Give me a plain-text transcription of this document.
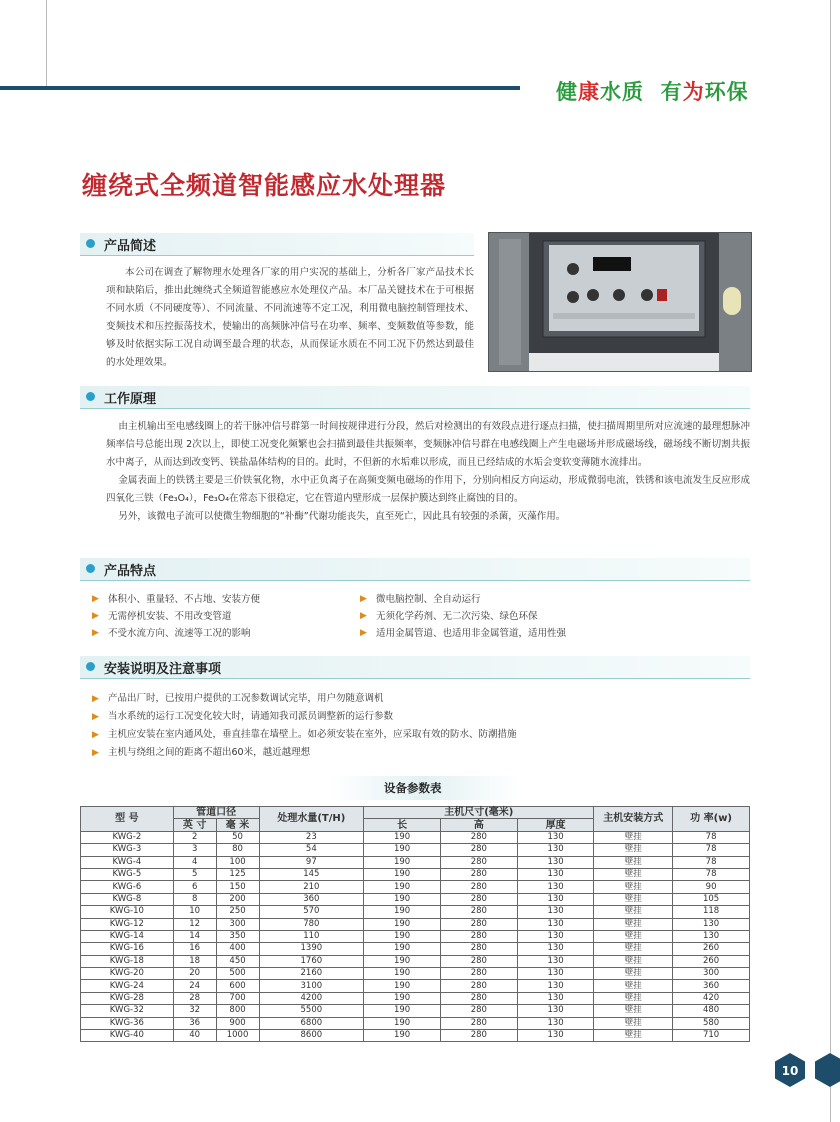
健康水质 有为环保
缠绕式全频道智能感应水处理器
产品简述

本公司在调查了解物理水处理各厂家的用户实况的基础上，分析各厂家产品技术长项和缺陷后，推出此缠绕式全频道智能感应水处理仪产品。本厂品关键技术在于可根据不同水质（不同硬度等）、不同流量、不同流速等不定工况，利用微电脑控制管理技术、变频技术和压控振荡技术，使输出的高频脉冲信号在功率、频率、变频数值等参数，能够及时依据实际工况自动调至最合理的状态，从而保证水质在不同工况下仍然达到最佳的水处理效果。

工作原理

由主机输出至电感线圈上的若干脉冲信号群第一时间按规律进行分段，然后对检测出的有效段点进行逐点扫描，使扫描周期里所对应流速的最理想脉冲频率信号总能出现 2次以上，即使工况变化频繁也会扫描到最佳共振频率，变频脉冲信号群在电感线圈上产生电磁场并形成磁场线，磁场线不断切割共振水中离子，从而达到改变钙、镁盐晶体结构的目的。此时，不但新的水垢难以形成，而且已经结成的水垢会变软变薄随水流排出。

金属表面上的铁锈主要是三价铁氧化物，水中正负离子在高频变频电磁场的作用下，分别向相反方向运动，形成微弱电流，铁锈和该电流发生反应形成四氧化三铁（Fe₃O₄），Fe₃O₄在常态下很稳定，它在管道内壁形成一层保护膜达到终止腐蚀的目的。

另外，该微电子流可以使微生物细胞的“补酶”代谢功能丧失，直至死亡，因此具有较强的杀菌，灭藻作用。

产品特点
▶ 体积小、重量轻、不占地、安装方便
▶ 无需停机安装、不用改变管道
▶ 不受水流方向、流速等工况的影响
▶ 微电脑控制、全自动运行
▶ 无须化学药剂、无二次污染、绿色环保
▶ 适用金属管道、也适用非金属管道，适用性强
安装说明及注意事项
▶ 产品出厂时，已按用户提供的工况参数调试完毕，用户勿随意调机
▶ 当水系统的运行工况变化较大时，请通知我司派员调整新的运行参数
▶ 主机应安装在室内通风处，垂直挂靠在墙壁上。如必须安装在室外，应采取有效的防水、防潮措施
▶ 主机与绕组之间的距离不超出60米，越近越理想
设备参数表
型 号	管道口径		处理水量(T/H)	主机尺寸(毫米)			主机安装方式	功 率(w)
	英 寸	毫 米		长	高	厚度		
KWG-2	2	50	23	190	280	130	壁挂	78
KWG-3	3	80	54	190	280	130	壁挂	78
KWG-4	4	100	97	190	280	130	壁挂	78
KWG-5	5	125	145	190	280	130	壁挂	78
KWG-6	6	150	210	190	280	130	壁挂	90
KWG-8	8	200	360	190	280	130	壁挂	105
KWG-10	10	250	570	190	280	130	壁挂	118
KWG-12	12	300	780	190	280	130	壁挂	130
KWG-14	14	350	110	190	280	130	壁挂	130
KWG-16	16	400	1390	190	280	130	壁挂	260
KWG-18	18	450	1760	190	280	130	壁挂	260
KWG-20	20	500	2160	190	280	130	壁挂	300
KWG-24	24	600	3100	190	280	130	壁挂	360
KWG-28	28	700	4200	190	280	130	壁挂	420
KWG-32	32	800	5500	190	280	130	壁挂	480
KWG-36	36	900	6800	190	280	130	壁挂	580
KWG-40	40	1000	8600	190	280	130	壁挂	710
10
